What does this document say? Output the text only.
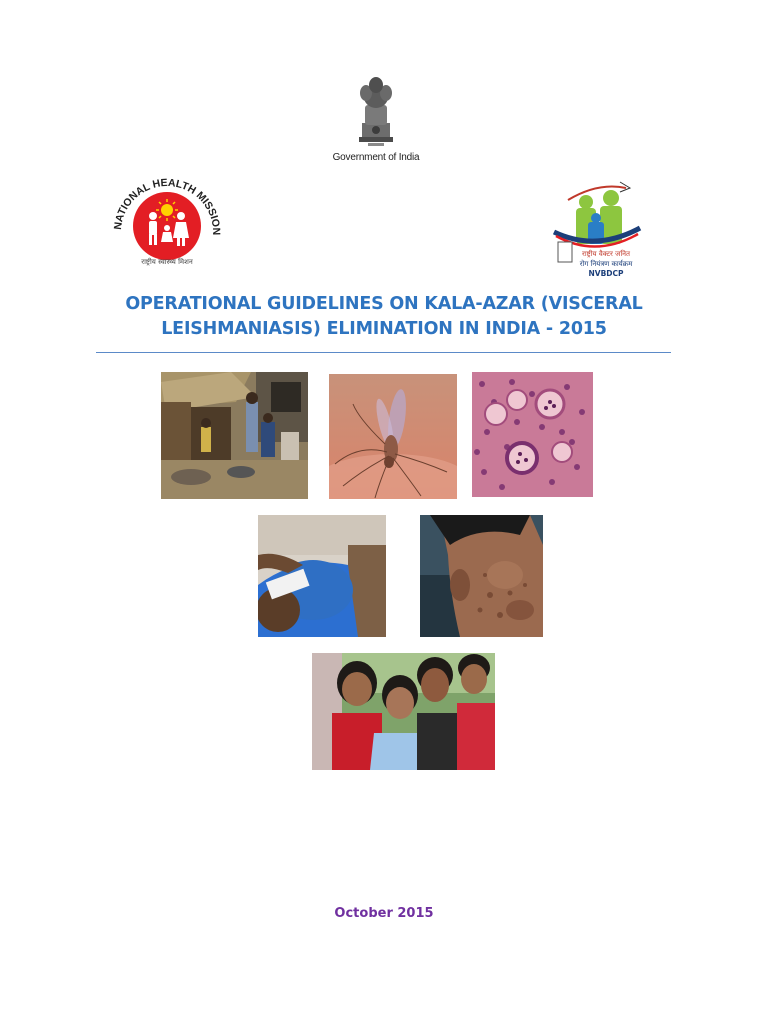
Government of India
NATIONAL HEALTH MISSION
राष्ट्रीय स्वास्थ्य मिशन
राष्ट्रीय वैक्टर जनित
रोग नियंत्रण कार्यक्रम
NVBDCP
OPERATIONAL GUIDELINES ON KALA-AZAR (VISCERAL
LEISHMANIASIS) ELIMINATION IN INDIA - 2015
October 2015
